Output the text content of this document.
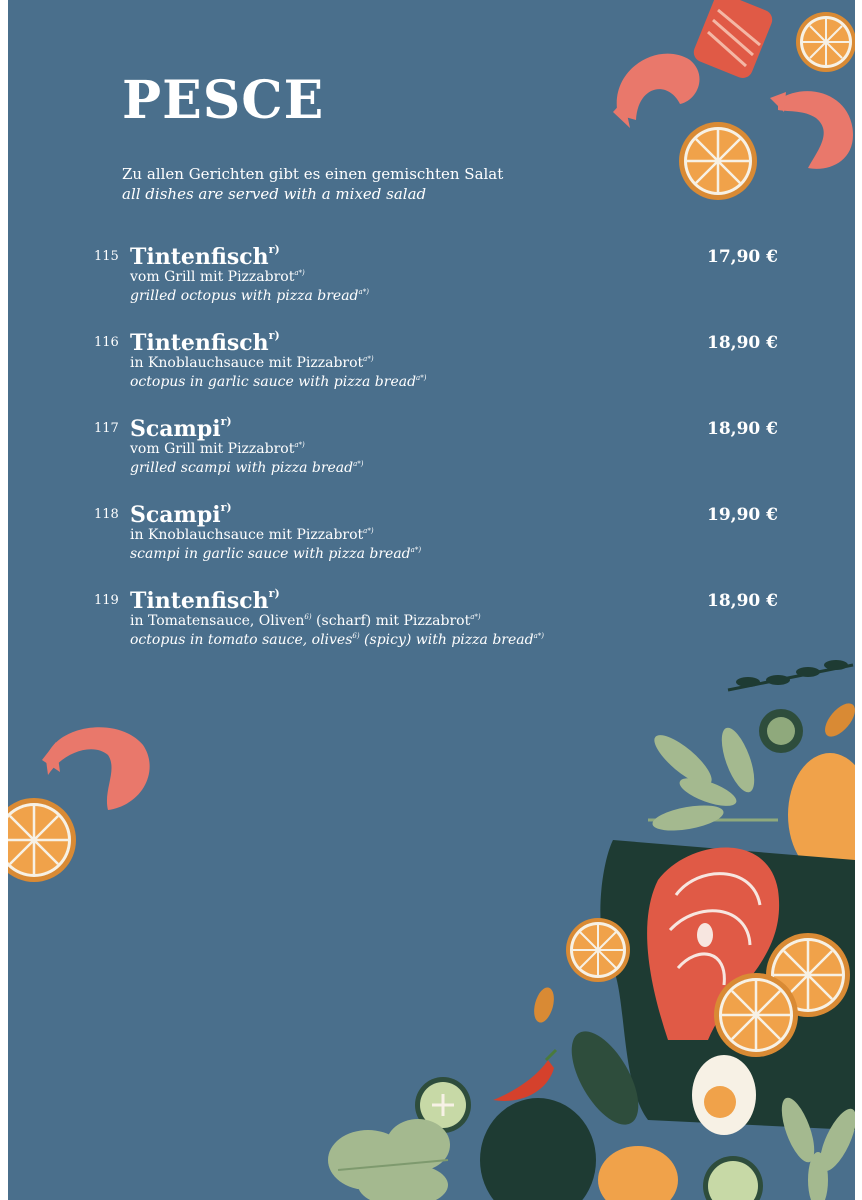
PESCE
Zu allen Gerichten gibt es einen gemischten Salat
all dishes are served with a mixed salad
115 Tintenfisch$^{r)}$
vom Grill mit Pizzabrot$^{a*)}$
grilled octopus with pizza bread$^{a*)}$
17,90 €
116 Tintenfisch$^{r)}$
in Knoblauchsauce mit Pizzabrot$^{a*)}$
octopus in garlic sauce with pizza bread$^{a*)}$
18,90 €
117 Scampi$^{r)}$
vom Grill mit Pizzabrot$^{a*)}$
grilled scampi with pizza bread$^{a*)}$
18,90 €
118 Scampi$^{r)}$
in Knoblauchsauce mit Pizzabrot$^{a*)}$
scampi in garlic sauce with pizza bread$^{a*)}$
19,90 €
119 Tintenfisch$^{r)}$
in Tomatensauce, Oliven$^{6)}$ (scharf) mit Pizzabrot$^{a*)}$
octopus in tomato sauce, olives$^{6)}$ (spicy) with pizza bread$^{a*)}$
18,90 €
